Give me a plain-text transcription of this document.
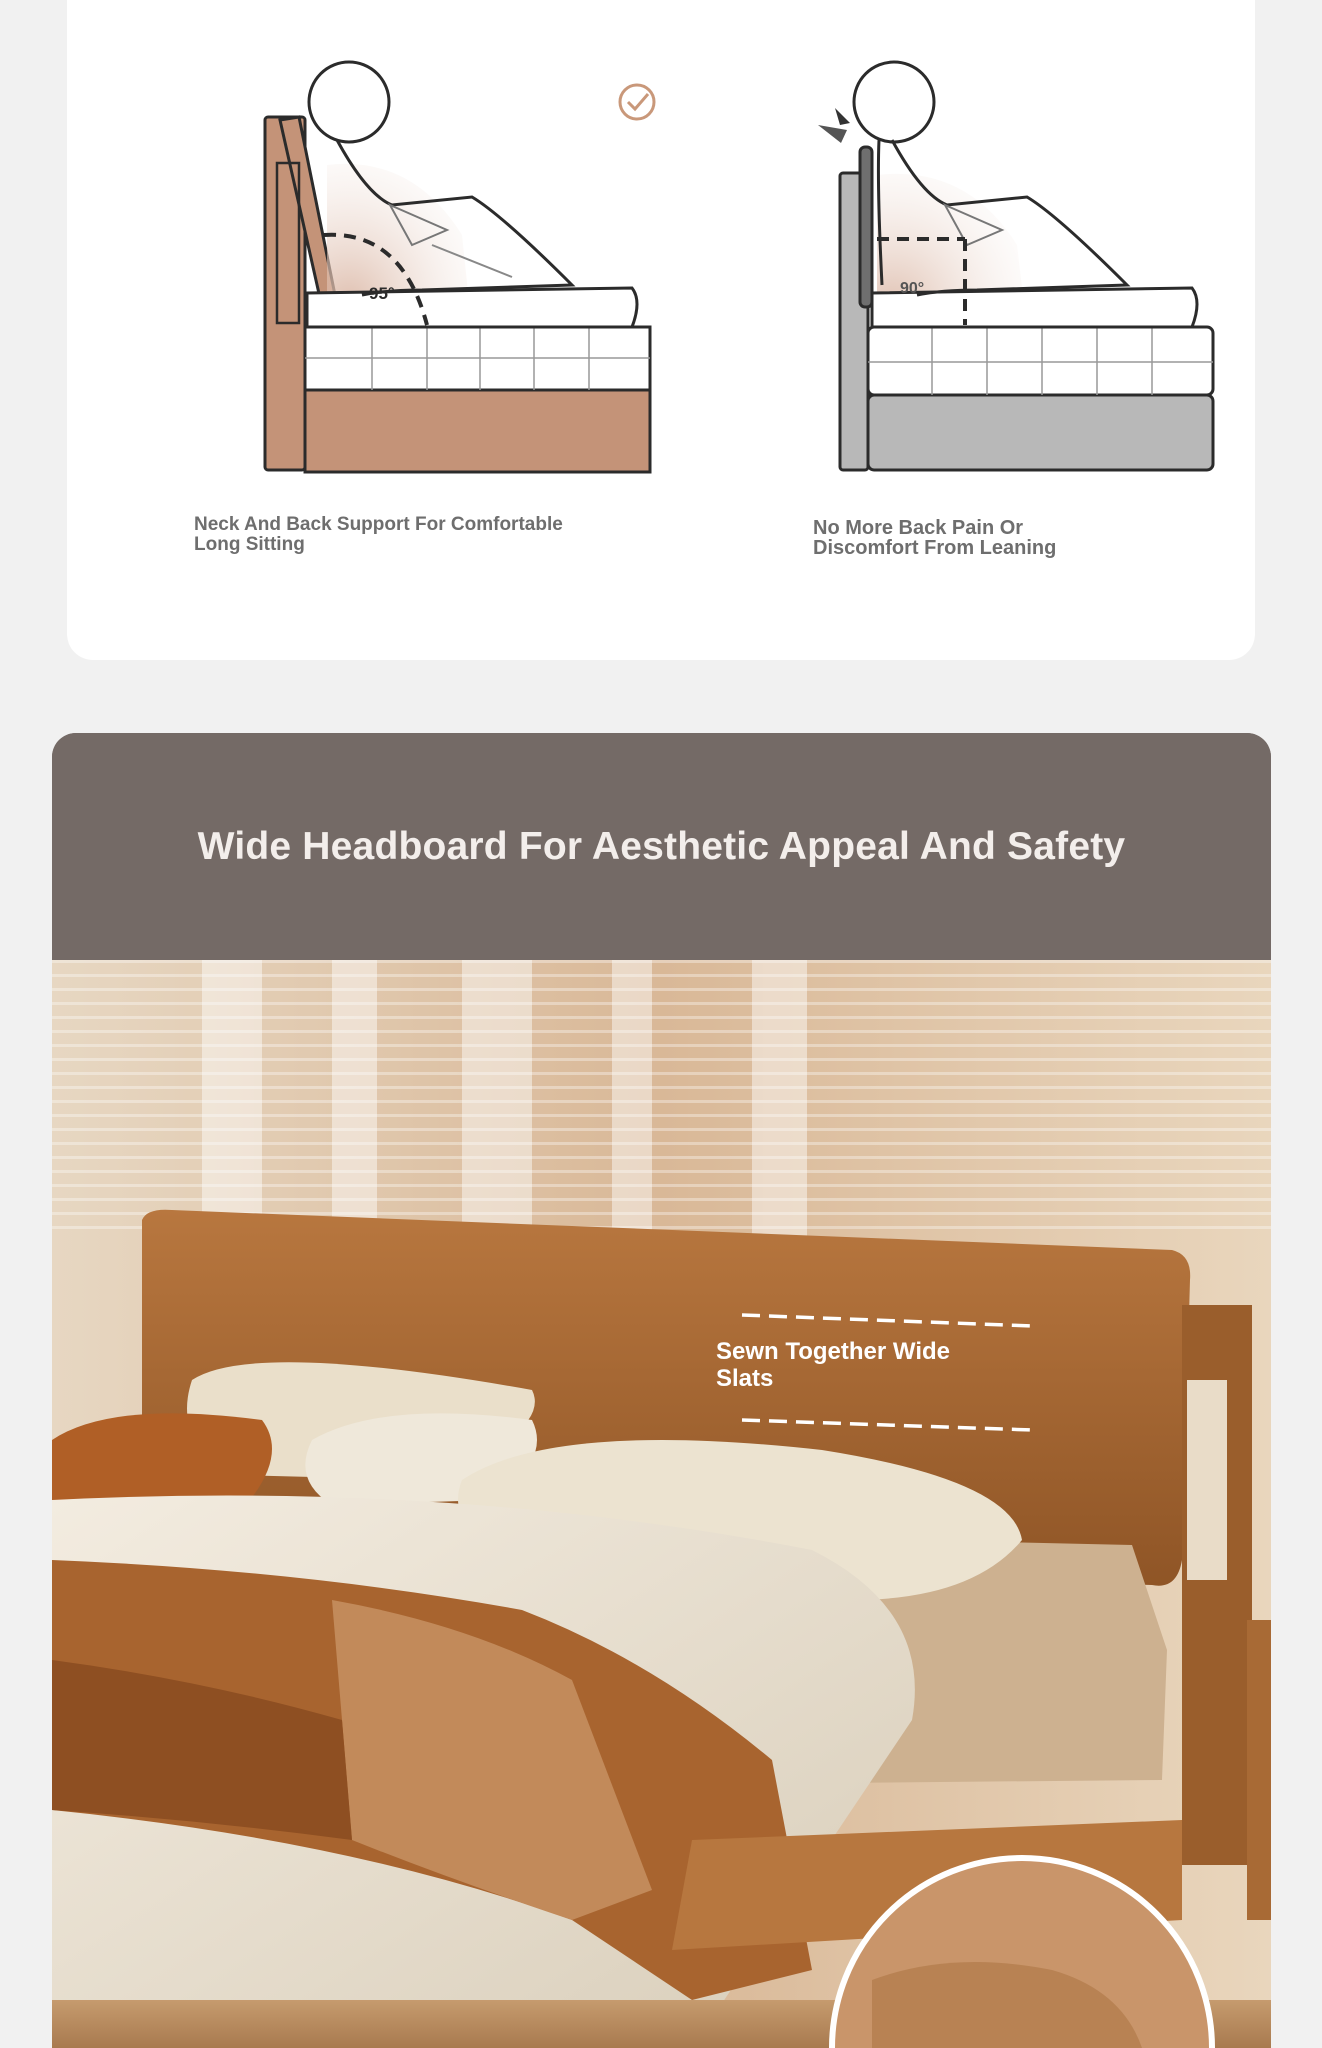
95°	90°
Neck And Back Support For Comfortable Long Sitting
No More Back Pain Or Discomfort From Leaning
Wide Headboard For Aesthetic Appeal And Safety
Sewn Together Wide Slats
